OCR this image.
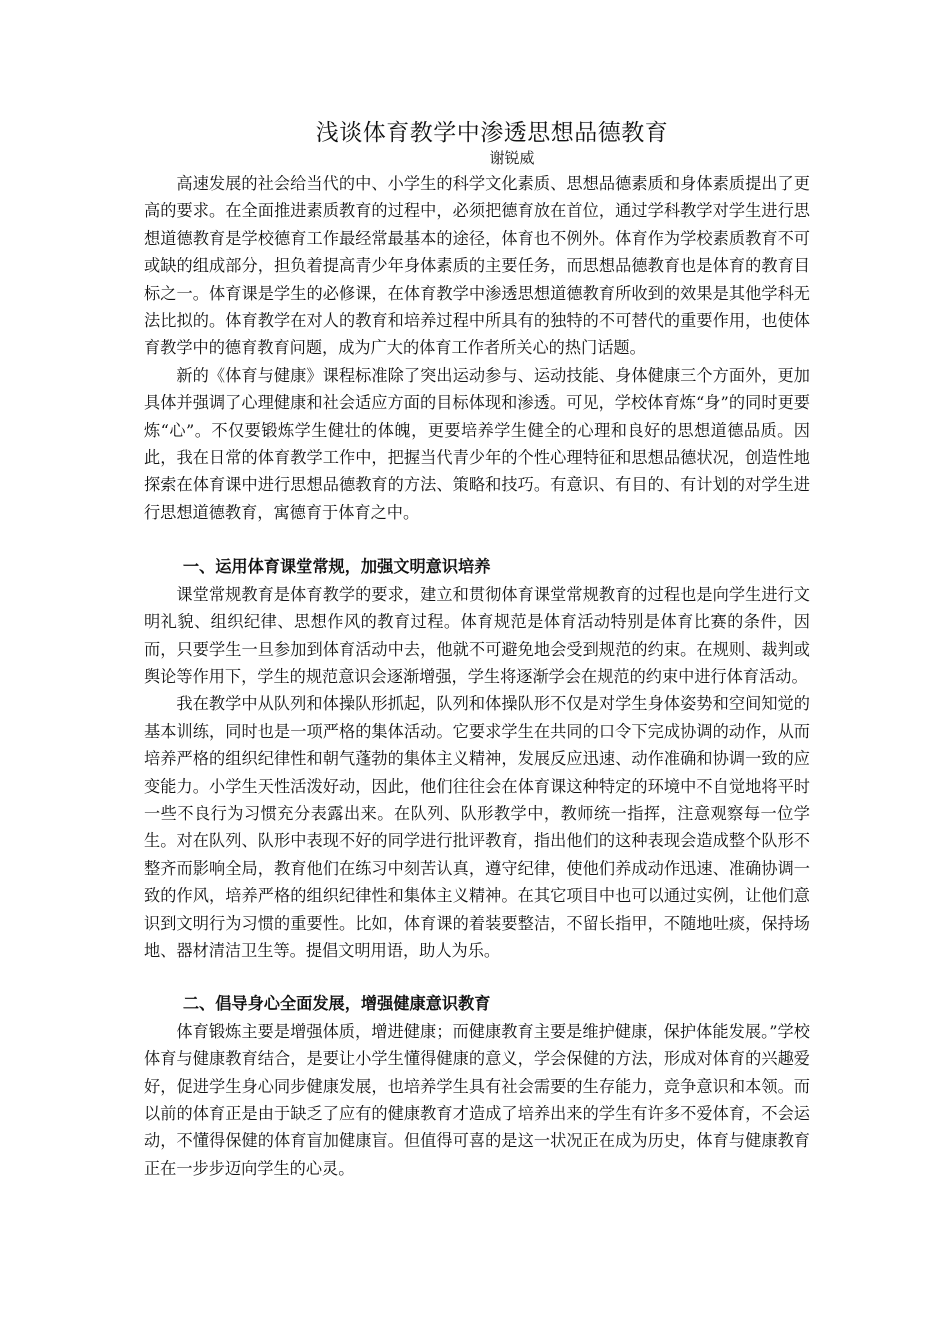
浅谈体育教学中渗透思想品德教育
谢锐威

高速发展的社会给当代的中、小学生的科学文化素质、思想品德素质和身体素质提出了更高的要求。在全面推进素质教育的过程中，必须把德育放在首位，通过学科教学对学生进行思想道德教育是学校德育工作最经常最基本的途径，体育也不例外。体育作为学校素质教育不可或缺的组成部分，担负着提高青少年身体素质的主要任务，而思想品德教育也是体育的教育目标之一。体育课是学生的必修课，在体育教学中渗透思想道德教育所收到的效果是其他学科无法比拟的。体育教学在对人的教育和培养过程中所具有的独特的不可替代的重要作用，也使体育教学中的德育教育问题，成为广大的体育工作者所关心的热门话题。

新的《体育与健康》课程标准除了突出运动参与、运动技能、身体健康三个方面外，更加具体并强调了心理健康和社会适应方面的目标体现和渗透。可见，学校体育炼“身”的同时更要炼“心”。不仅要锻炼学生健壮的体魄，更要培养学生健全的心理和良好的思想道德品质。因此，我在日常的体育教学工作中，把握当代青少年的个性心理特征和思想品德状况，创造性地探索在体育课中进行思想品德教育的方法、策略和技巧。有意识、有目的、有计划的对学生进行思想道德教育，寓德育于体育之中。

一、运用体育课堂常规，加强文明意识培养

课堂常规教育是体育教学的要求，建立和贯彻体育课堂常规教育的过程也是向学生进行文明礼貌、组织纪律、思想作风的教育过程。体育规范是体育活动特别是体育比赛的条件，因而，只要学生一旦参加到体育活动中去，他就不可避免地会受到规范的约束。在规则、裁判或舆论等作用下，学生的规范意识会逐渐增强，学生将逐渐学会在规范的约束中进行体育活动。

我在教学中从队列和体操队形抓起，队列和体操队形不仅是对学生身体姿势和空间知觉的基本训练，同时也是一项严格的集体活动。它要求学生在共同的口令下完成协调的动作，从而培养严格的组织纪律性和朝气蓬勃的集体主义精神，发展反应迅速、动作准确和协调一致的应变能力。小学生天性活泼好动，因此，他们往往会在体育课这种特定的环境中不自觉地将平时一些不良行为习惯充分表露出来。在队列、队形教学中，教师统一指挥，注意观察每一位学生。对在队列、队形中表现不好的同学进行批评教育，指出他们的这种表现会造成整个队形不整齐而影响全局，教育他们在练习中刻苦认真，遵守纪律，使他们养成动作迅速、准确协调一致的作风，培养严格的组织纪律性和集体主义精神。在其它项目中也可以通过实例，让他们意识到文明行为习惯的重要性。比如，体育课的着装要整洁，不留长指甲，不随地吐痰，保持场地、器材清洁卫生等。提倡文明用语，助人为乐。

二、倡导身心全面发展，增强健康意识教育

体育锻炼主要是增强体质，增进健康；而健康教育主要是维护健康，保护体能发展。”学校体育与健康教育结合，是要让小学生懂得健康的意义，学会保健的方法，形成对体育的兴趣爱好，促进学生身心同步健康发展，也培养学生具有社会需要的生存能力，竞争意识和本领。而以前的体育正是由于缺乏了应有的健康教育才造成了培养出来的学生有许多不爱体育，不会运动，不懂得保健的体育盲加健康盲。但值得可喜的是这一状况正在成为历史，体育与健康教育正在一步步迈向学生的心灵。
